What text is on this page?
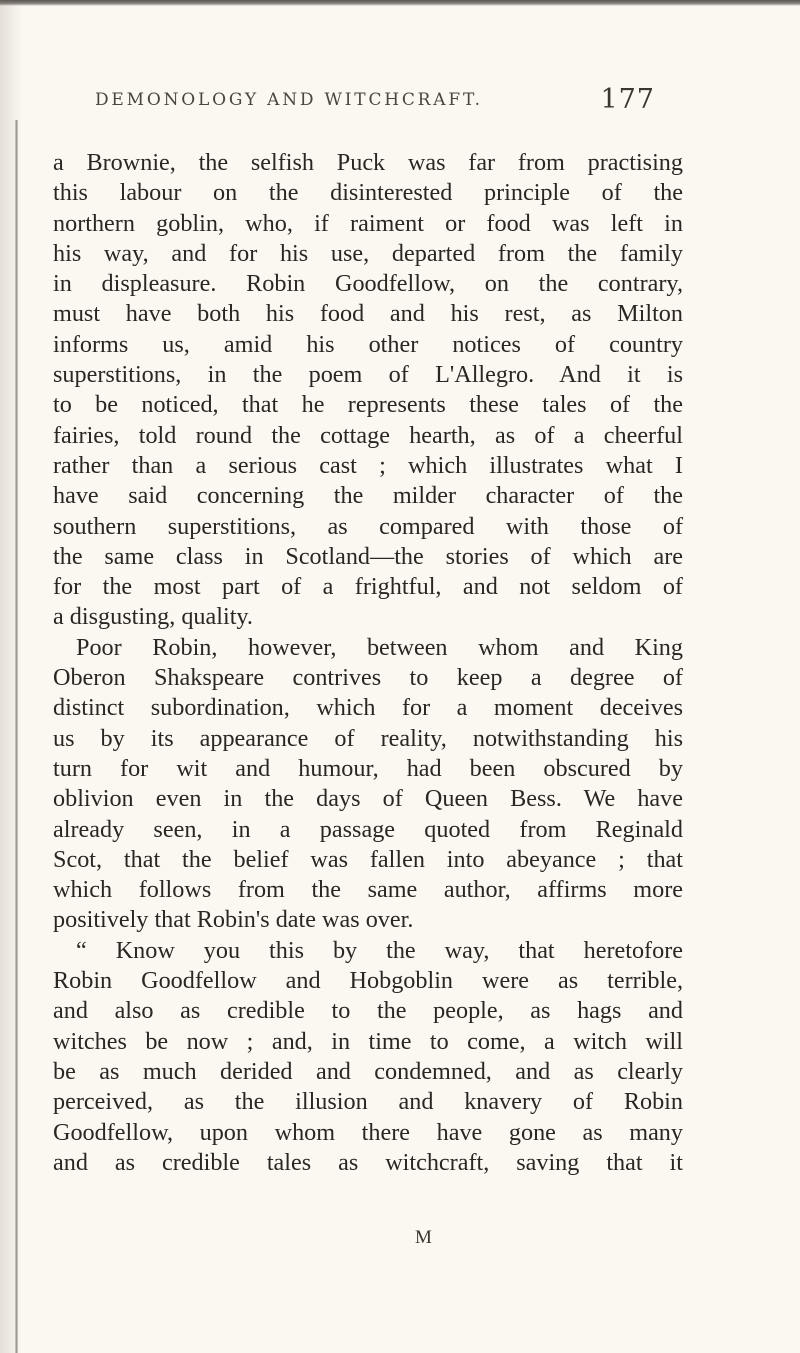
DEMONOLOGY AND WITCHCRAFT.	177
a Brownie, the selfish Puck was far from practising
this labour on the disinterested principle of the
northern goblin, who, if raiment or food was left in
his way, and for his use, departed from the family
in displeasure. Robin Goodfellow, on the contrary,
must have both his food and his rest, as Milton
informs us, amid his other notices of country
superstitions, in the poem of L'Allegro. And it is
to be noticed, that he represents these tales of the
fairies, told round the cottage hearth, as of a cheerful
rather than a serious cast ; which illustrates what I
have said concerning the milder character of the
southern superstitions, as compared with those of
the same class in Scotland—the stories of which are
for the most part of a frightful, and not seldom of
a disgusting, quality.
Poor Robin, however, between whom and King
Oberon Shakspeare contrives to keep a degree of
distinct subordination, which for a moment deceives
us by its appearance of reality, notwithstanding his
turn for wit and humour, had been obscured by
oblivion even in the days of Queen Bess. We have
already seen, in a passage quoted from Reginald
Scot, that the belief was fallen into abeyance ; that
which follows from the same author, affirms more
positively that Robin's date was over.
“ Know you this by the way, that heretofore
Robin Goodfellow and Hobgoblin were as terrible,
and also as credible to the people, as hags and
witches be now ; and, in time to come, a witch will
be as much derided and condemned, and as clearly
perceived, as the illusion and knavery of Robin
Goodfellow, upon whom there have gone as many
and as credible tales as witchcraft, saving that it
M
